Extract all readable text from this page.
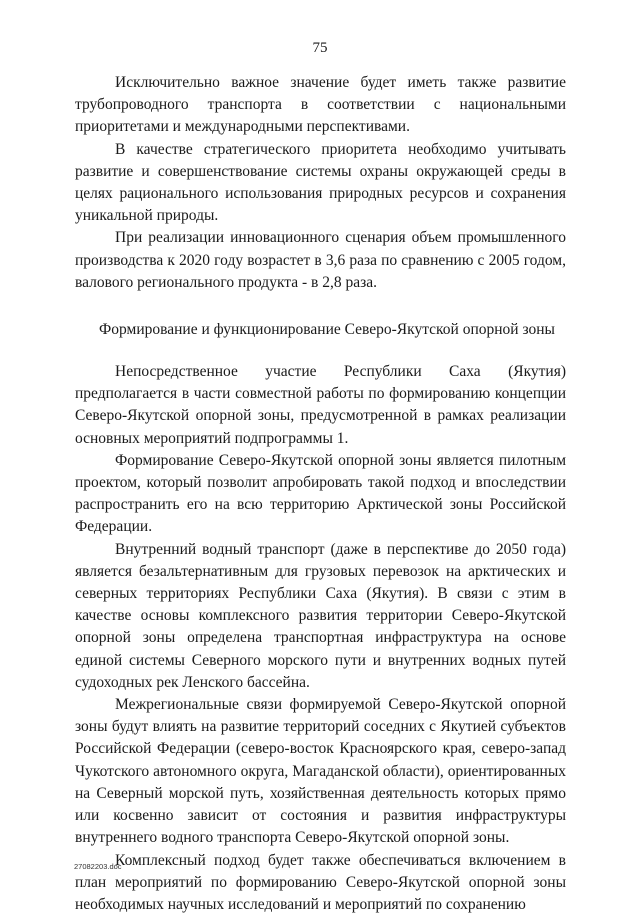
75

Исключительно важное значение будет иметь также развитие трубопроводного транспорта в соответствии с национальными приоритетами и международными перспективами.

В качестве стратегического приоритета необходимо учитывать развитие и совершенствование системы охраны окружающей среды в целях рационального использования природных ресурсов и сохранения уникальной природы.

При реализации инновационного сценария объем промышленного производства к 2020 году возрастет в 3,6 раза по сравнению с 2005 годом, валового регионального продукта - в 2,8 раза.

Формирование и функционирование Северо-Якутской опорной зоны

Непосредственное участие Республики Саха (Якутия) предполагается в части совместной работы по формированию концепции Северо-Якутской опорной зоны, предусмотренной в рамках реализации основных мероприятий подпрограммы 1.

Формирование Северо-Якутской опорной зоны является пилотным проектом, который позволит апробировать такой подход и впоследствии распространить его на всю территорию Арктической зоны Российской Федерации.

Внутренний водный транспорт (даже в перспективе до 2050 года) является безальтернативным для грузовых перевозок на арктических и северных территориях Республики Саха (Якутия). В связи с этим в качестве основы комплексного развития территории Северо-Якутской опорной зоны определена транспортная инфраструктура на основе единой системы Северного морского пути и внутренних водных путей судоходных рек Ленского бассейна.

Межрегиональные связи формируемой Северо-Якутской опорной зоны будут влиять на развитие территорий соседних с Якутией субъектов Российской Федерации (северо-восток Красноярского края, северо-запад Чукотского автономного округа, Магаданской области), ориентированных на Северный морской путь, хозяйственная деятельность которых прямо или косвенно зависит от состояния и развития инфраструктуры внутреннего водного транспорта Северо-Якутской опорной зоны.

Комплексный подход будет также обеспечиваться включением в план мероприятий по формированию Северо-Якутской опорной зоны необходимых научных исследований и мероприятий по сохранению

27082203.doc
